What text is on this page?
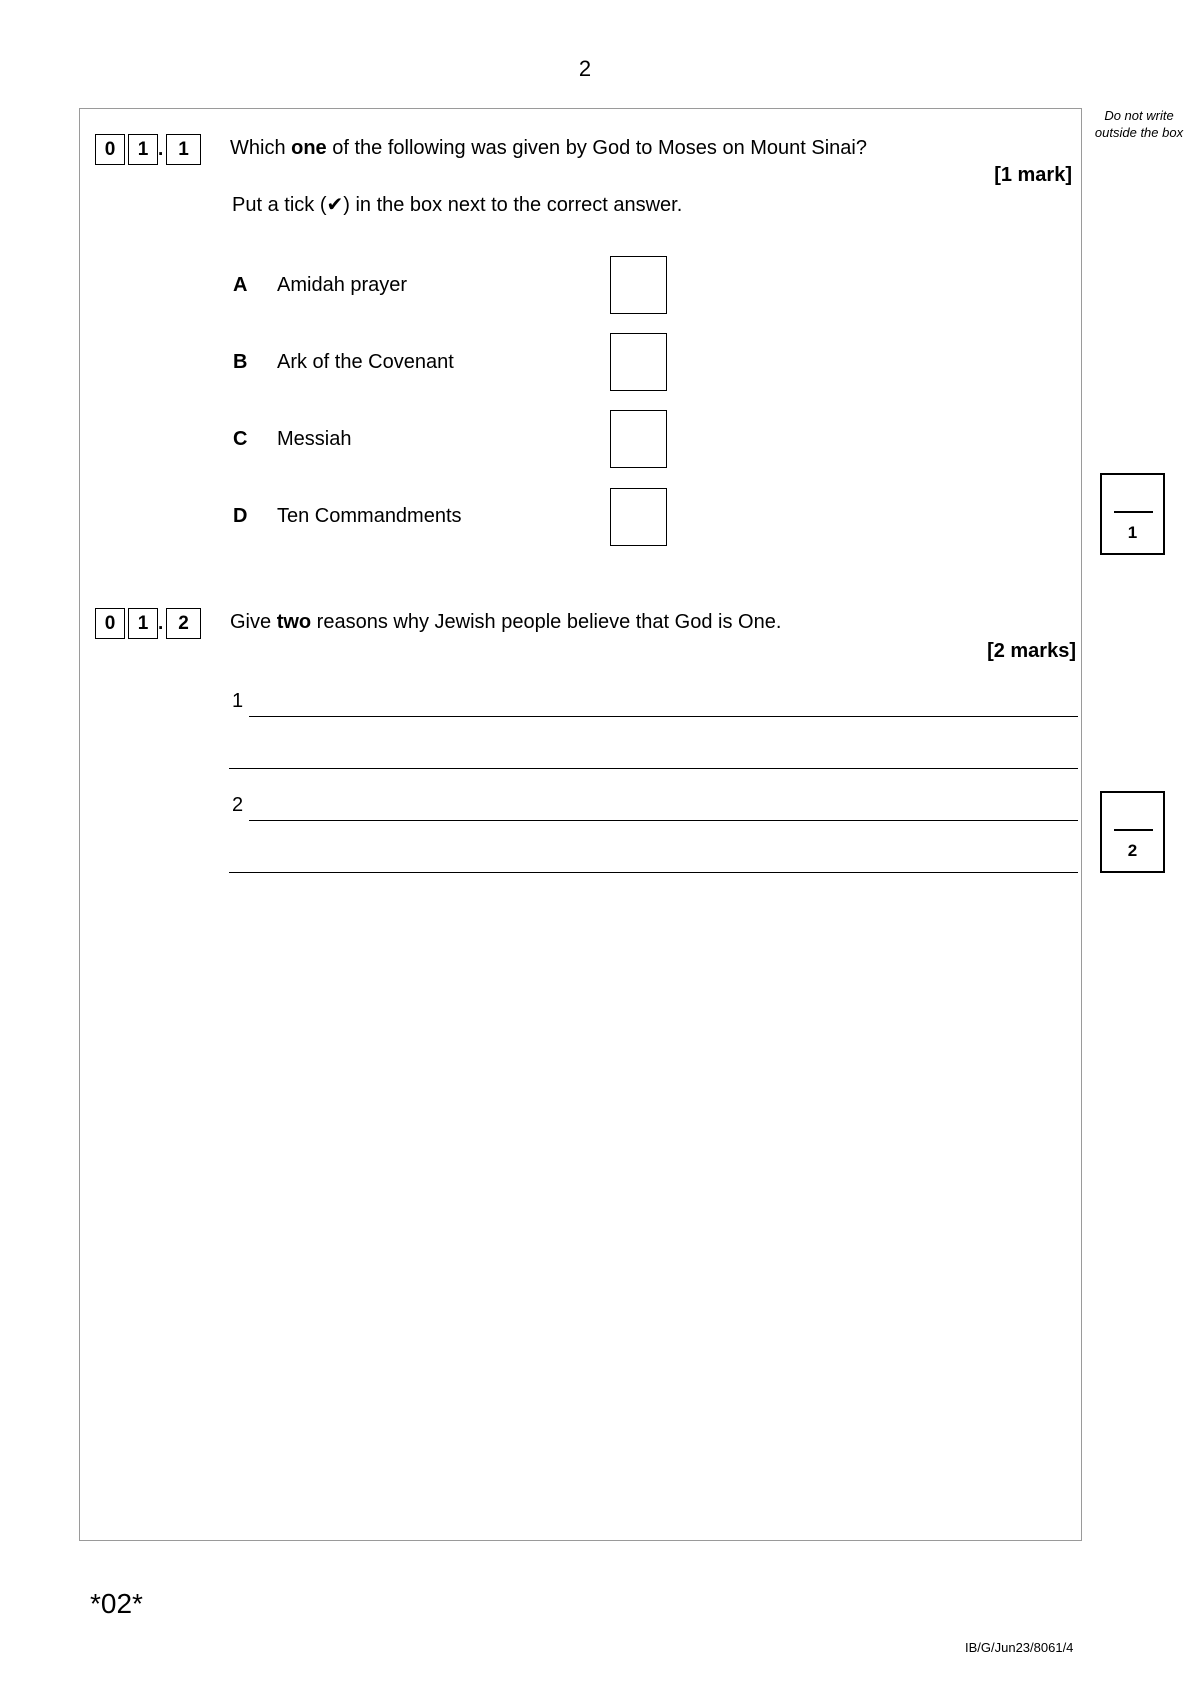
2
Do not write outside the box
0	1 . 1	Which one of the following was given by God to Moses on Mount Sinai?
[1 mark]
Put a tick (✔) in the box next to the correct answer.
A	Amidah prayer
B	Ark of the Covenant
C	Messiah
D	Ten Commandments
1
0	1 . 2	Give two reasons why Jewish people believe that God is One.
[2 marks]
1
2
2
*02*
IB/G/Jun23/8061/4
